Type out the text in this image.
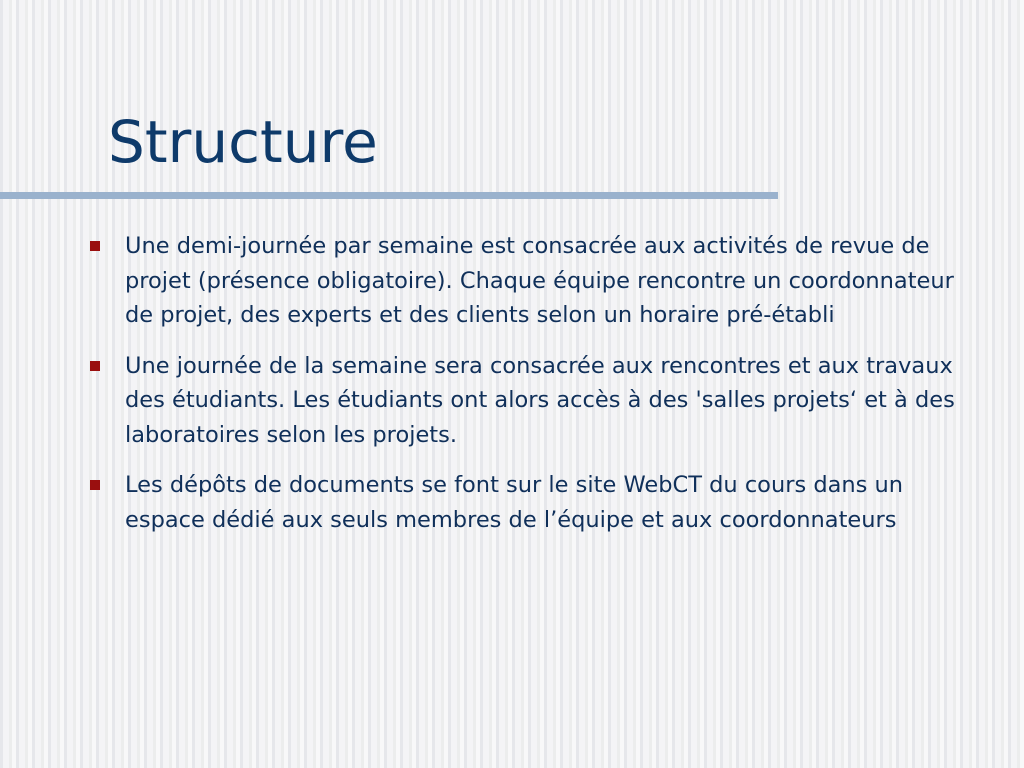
Structure
Une demi-journée par semaine est consacrée aux activités de revue de projet (présence obligatoire). Chaque équipe rencontre un coordonnateur de projet, des experts et des clients selon un horaire pré-établi
Une journée de la semaine sera consacrée aux rencontres et aux travaux des étudiants. Les étudiants ont alors accès à des 'salles projets‘ et à des laboratoires selon les projets.
Les dépôts de documents se font sur le site WebCT du cours dans un espace dédié aux seuls membres de l’équipe et aux coordonnateurs
